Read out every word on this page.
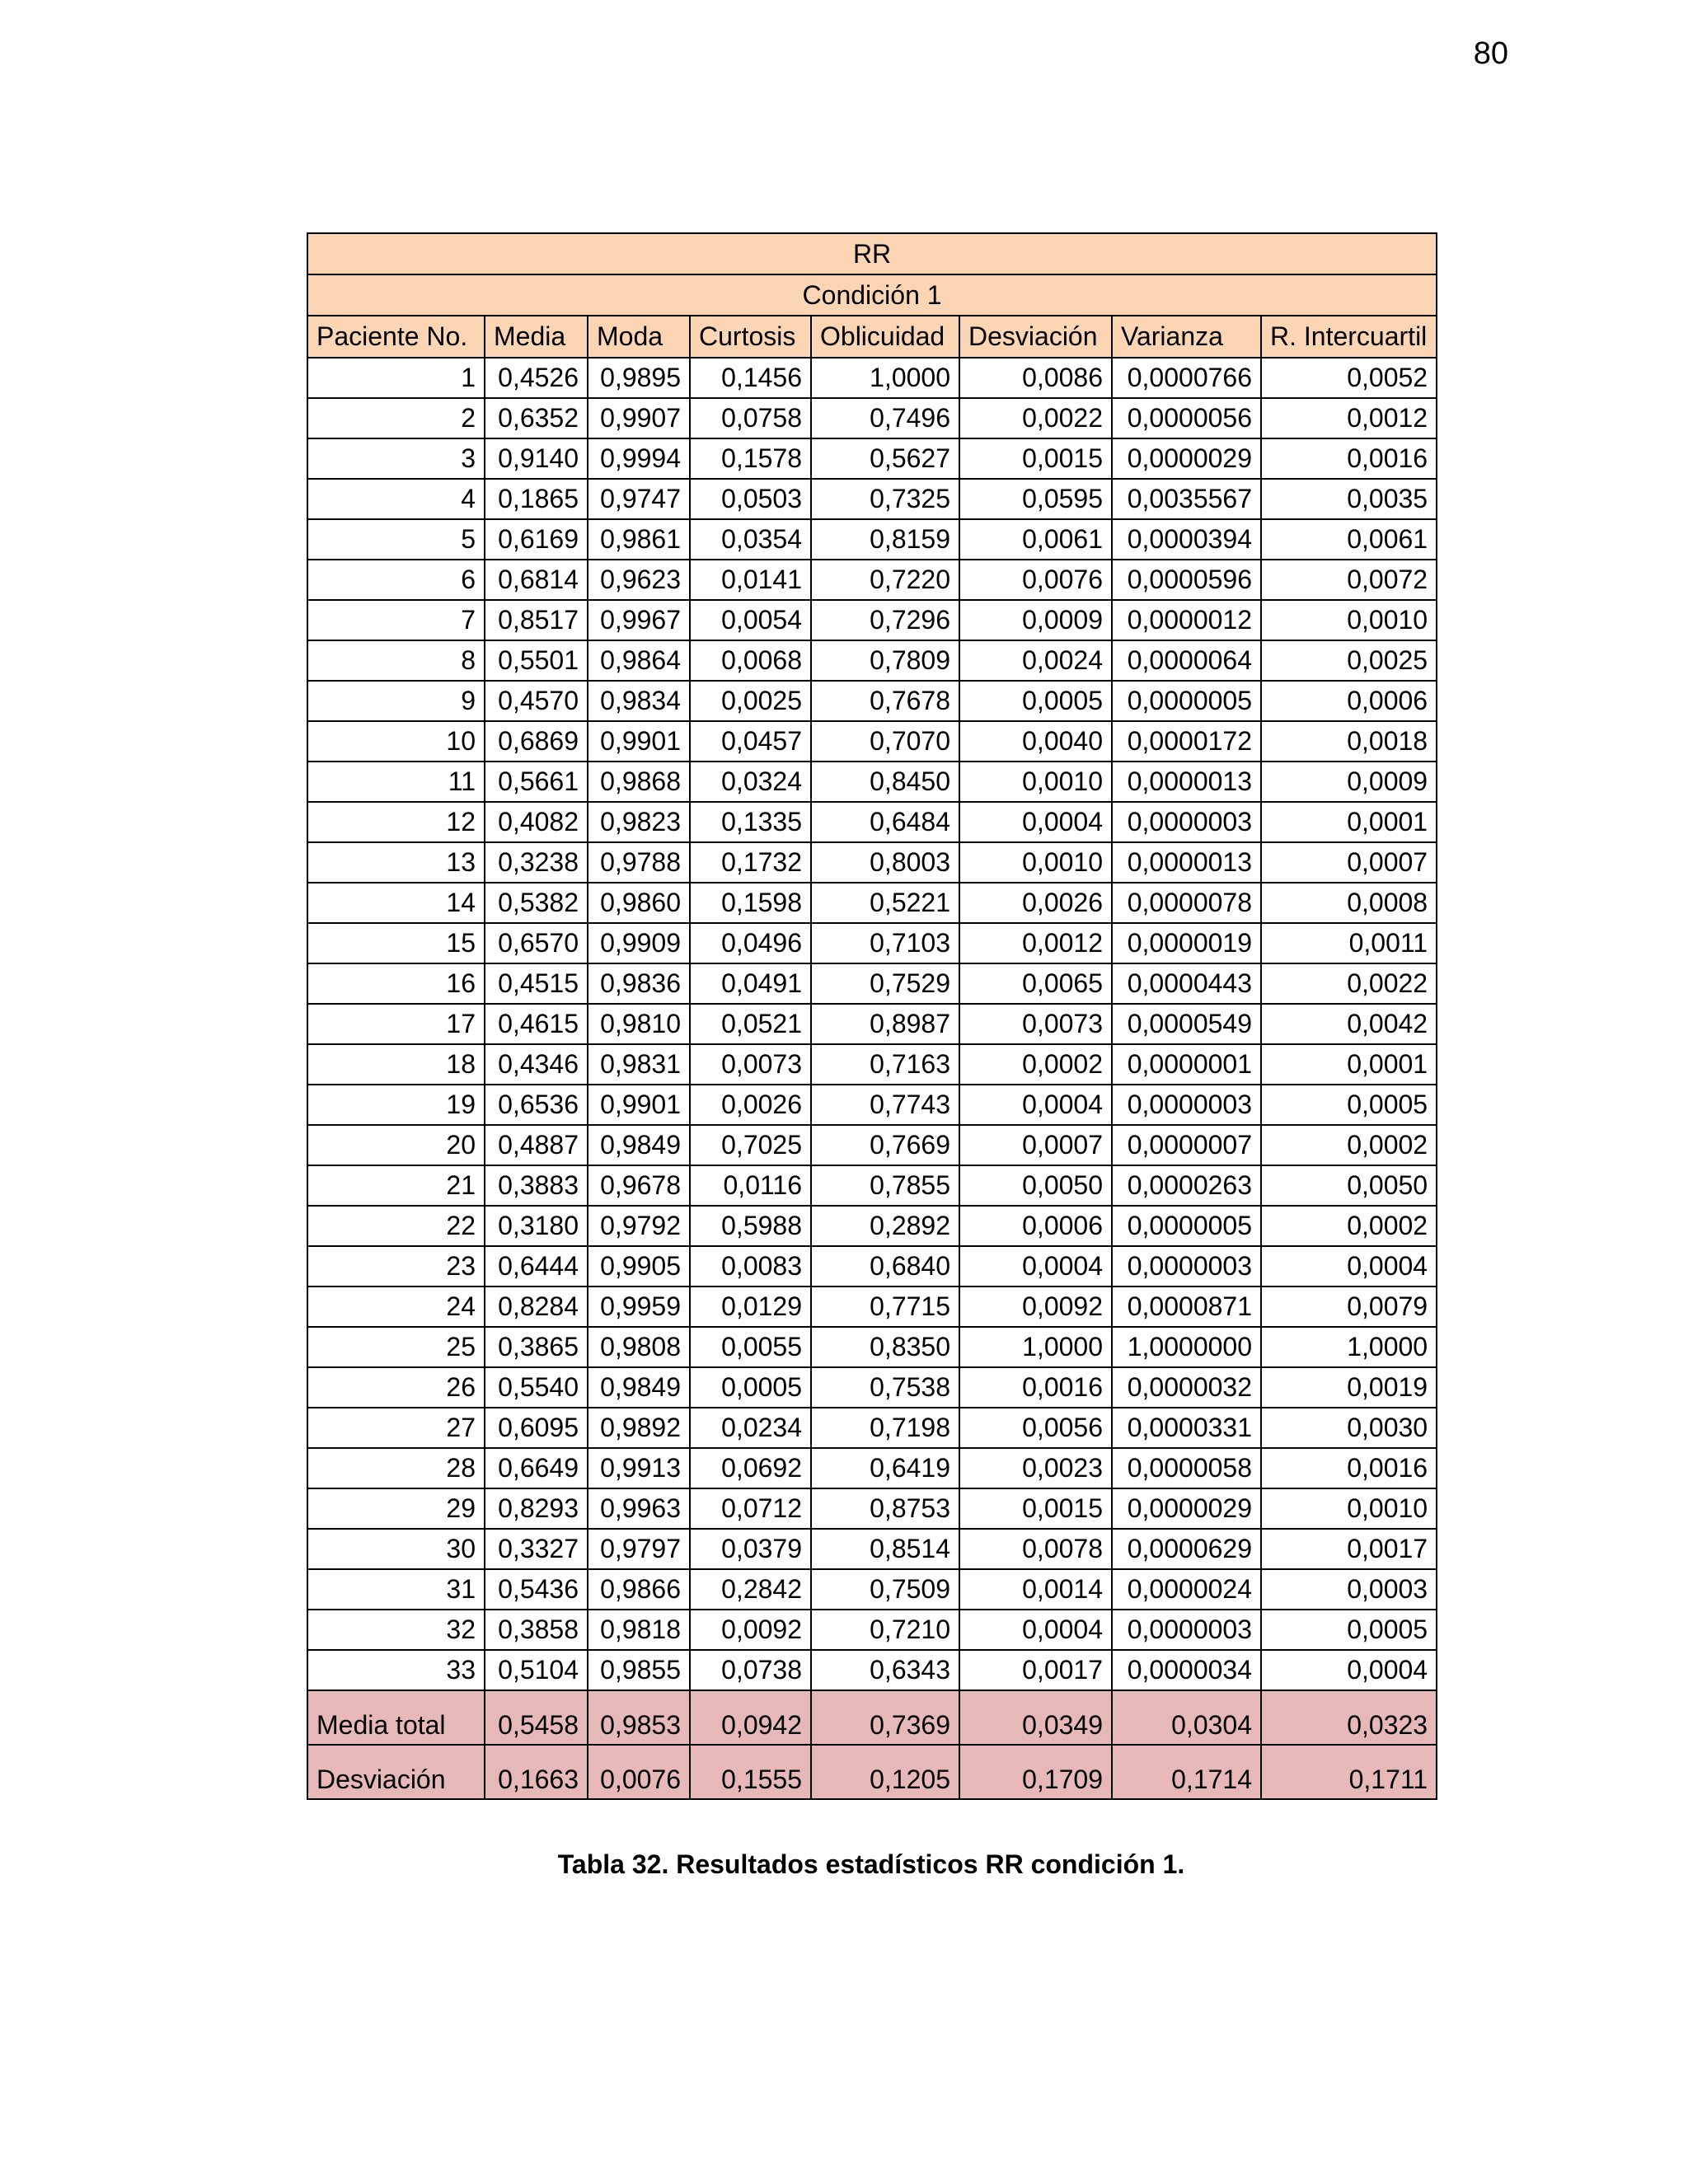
80
RR							
Condición 1							
Paciente No.	Media	Moda	Curtosis	Oblicuidad	Desviación	Varianza	R. Intercuartil
1	0,4526	0,9895	0,1456	1,0000	0,0086	0,0000766	0,0052
2	0,6352	0,9907	0,0758	0,7496	0,0022	0,0000056	0,0012
3	0,9140	0,9994	0,1578	0,5627	0,0015	0,0000029	0,0016
4	0,1865	0,9747	0,0503	0,7325	0,0595	0,0035567	0,0035
5	0,6169	0,9861	0,0354	0,8159	0,0061	0,0000394	0,0061
6	0,6814	0,9623	0,0141	0,7220	0,0076	0,0000596	0,0072
7	0,8517	0,9967	0,0054	0,7296	0,0009	0,0000012	0,0010
8	0,5501	0,9864	0,0068	0,7809	0,0024	0,0000064	0,0025
9	0,4570	0,9834	0,0025	0,7678	0,0005	0,0000005	0,0006
10	0,6869	0,9901	0,0457	0,7070	0,0040	0,0000172	0,0018
11	0,5661	0,9868	0,0324	0,8450	0,0010	0,0000013	0,0009
12	0,4082	0,9823	0,1335	0,6484	0,0004	0,0000003	0,0001
13	0,3238	0,9788	0,1732	0,8003	0,0010	0,0000013	0,0007
14	0,5382	0,9860	0,1598	0,5221	0,0026	0,0000078	0,0008
15	0,6570	0,9909	0,0496	0,7103	0,0012	0,0000019	0,0011
16	0,4515	0,9836	0,0491	0,7529	0,0065	0,0000443	0,0022
17	0,4615	0,9810	0,0521	0,8987	0,0073	0,0000549	0,0042
18	0,4346	0,9831	0,0073	0,7163	0,0002	0,0000001	0,0001
19	0,6536	0,9901	0,0026	0,7743	0,0004	0,0000003	0,0005
20	0,4887	0,9849	0,7025	0,7669	0,0007	0,0000007	0,0002
21	0,3883	0,9678	0,0116	0,7855	0,0050	0,0000263	0,0050
22	0,3180	0,9792	0,5988	0,2892	0,0006	0,0000005	0,0002
23	0,6444	0,9905	0,0083	0,6840	0,0004	0,0000003	0,0004
24	0,8284	0,9959	0,0129	0,7715	0,0092	0,0000871	0,0079
25	0,3865	0,9808	0,0055	0,8350	1,0000	1,0000000	1,0000
26	0,5540	0,9849	0,0005	0,7538	0,0016	0,0000032	0,0019
27	0,6095	0,9892	0,0234	0,7198	0,0056	0,0000331	0,0030
28	0,6649	0,9913	0,0692	0,6419	0,0023	0,0000058	0,0016
29	0,8293	0,9963	0,0712	0,8753	0,0015	0,0000029	0,0010
30	0,3327	0,9797	0,0379	0,8514	0,0078	0,0000629	0,0017
31	0,5436	0,9866	0,2842	0,7509	0,0014	0,0000024	0,0003
32	0,3858	0,9818	0,0092	0,7210	0,0004	0,0000003	0,0005
33	0,5104	0,9855	0,0738	0,6343	0,0017	0,0000034	0,0004
Media total	0,5458	0,9853	0,0942	0,7369	0,0349	0,0304	0,0323
Desviación	0,1663	0,0076	0,1555	0,1205	0,1709	0,1714	0,1711
Tabla 32. Resultados estadísticos RR condición 1.
